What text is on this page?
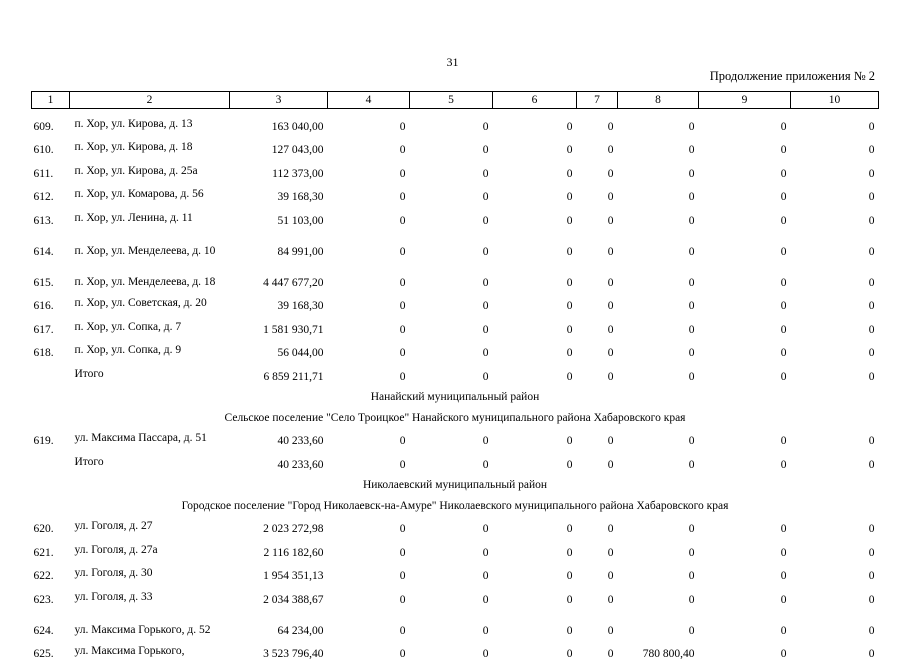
31
Продолжение приложения № 2
1	2	3	4	5	6	7	8	9	10
609.	п. Хор, ул. Кирова, д. 13	163 040,00	0	0	0	0	0	0	0
610.	п. Хор, ул. Кирова, д. 18	127 043,00	0	0	0	0	0	0	0
611.	п. Хор, ул. Кирова, д. 25а	112 373,00	0	0	0	0	0	0	0
612.	п. Хор, ул. Комарова, д. 56	39 168,30	0	0	0	0	0	0	0
613.	п. Хор, ул. Ленина, д. 11	51 103,00	0	0	0	0	0	0	0
614.	п. Хор, ул. Менделеева, д. 10	84 991,00	0	0	0	0	0	0	0
615.	п. Хор, ул. Менделеева, д. 18	4 447 677,20	0	0	0	0	0	0	0
616.	п. Хор, ул. Советская, д. 20	39 168,30	0	0	0	0	0	0	0
617.	п. Хор, ул. Сопка, д. 7	1 581 930,71	0	0	0	0	0	0	0
618.	п. Хор, ул. Сопка, д. 9	56 044,00	0	0	0	0	0	0	0
	Итого	6 859 211,71	0	0	0	0	0	0	0
Нанайский муниципальный район									
Сельское поселение "Село Троицкое" Нанайского муниципального района Хабаровского края									
619.	ул. Максима Пассара, д. 51	40 233,60	0	0	0	0	0	0	0
	Итого	40 233,60	0	0	0	0	0	0	0
Николаевский муниципальный район									
Городское поселение "Город Николаевск-на-Амуре" Николаевского муниципального района Хабаровского края									
620.	ул. Гоголя, д. 27	2 023 272,98	0	0	0	0	0	0	0
621.	ул. Гоголя, д. 27а	2 116 182,60	0	0	0	0	0	0	0
622.	ул. Гоголя, д. 30	1 954 351,13	0	0	0	0	0	0	0
623.	ул. Гоголя, д. 33	2 034 388,67	0	0	0	0	0	0	0
624.	ул. Максима Горького, д. 52	64 234,00	0	0	0	0	0	0	0
625.	ул. Максима Горького,	3 523 796,40	0	0	0	0	780 800,40	0	0
